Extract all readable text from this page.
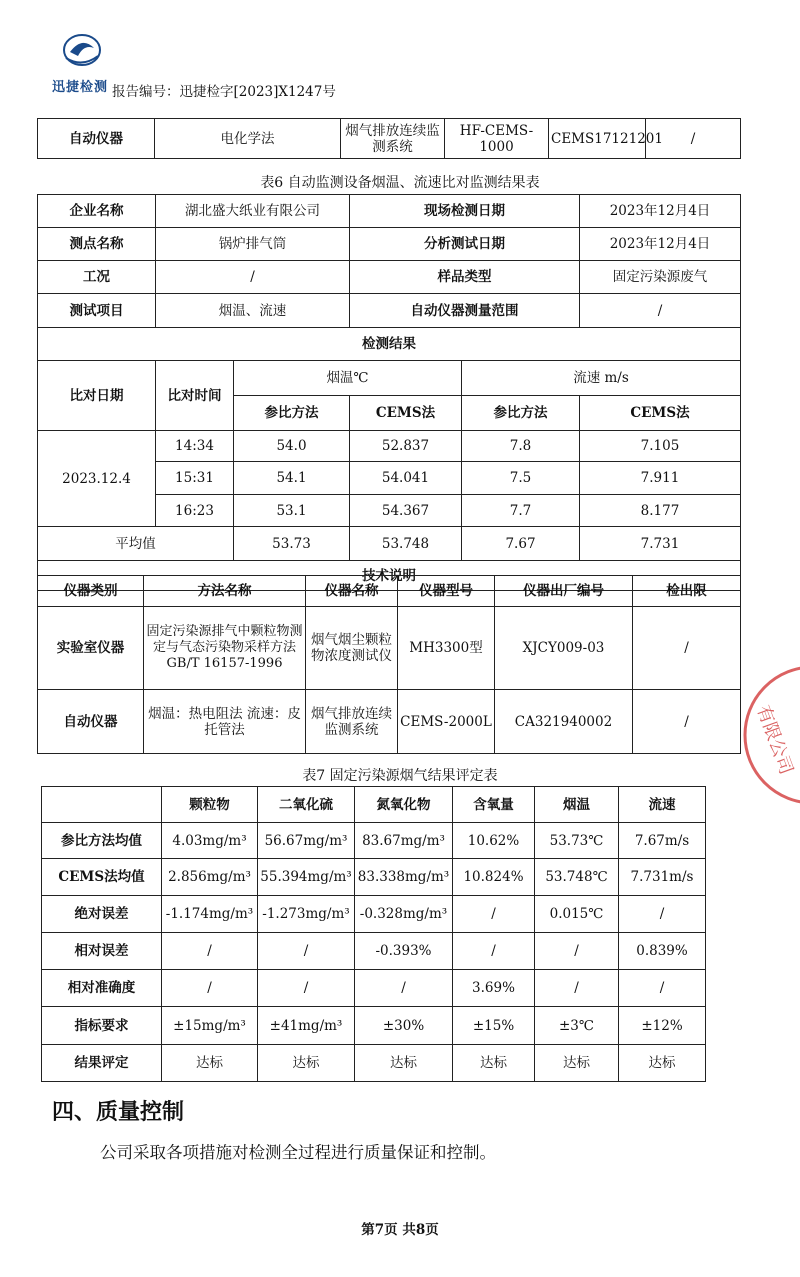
迅捷检测 报告编号：迅捷检字[2023]X1247号
自动仪器	电化学法	烟气排放连续监测系统	HF-CEMS-1000	CEMS17121201	/
表6 自动监测设备烟温、流速比对监测结果表
企业名称	湖北盛大纸业有限公司		现场检测日期		2023年12月4日
测点名称	锅炉排气筒		分析测试日期		2023年12月4日
工况	/		样品类型		固定污染源废气
测试项目	烟温、流速		自动仪器测量范围		/
检测结果					
比对日期	比对时间	烟温℃		流速 m/s	
		参比方法	CEMS法	参比方法	CEMS法
2023.12.4	14:34	54.0	52.837	7.8	7.105
	15:31	54.1	54.041	7.5	7.911
	16:23	53.1	54.367	7.7	8.177
平均值		53.73	53.748	7.67	7.731
技术说明					
仪器类别	方法名称	仪器名称	仪器型号	仪器出厂编号	检出限
实验室仪器	固定污染源排气中颗粒物测定与气态污染物采样方法 GB/T 16157-1996	烟气烟尘颗粒物浓度测试仪	MH3300型	XJCY009-03	/
自动仪器	烟温：热电阻法 流速：皮托管法	烟气排放连续监测系统	CEMS-2000L	CA321940002	/
表7 固定污染源烟气结果评定表
	颗粒物	二氧化硫	氮氧化物	含氧量	烟温	流速
参比方法均值	4.03mg/m³	56.67mg/m³	83.67mg/m³	10.62%	53.73℃	7.67m/s
CEMS法均值	2.856mg/m³	55.394mg/m³	83.338mg/m³	10.824%	53.748℃	7.731m/s
绝对误差	-1.174mg/m³	-1.273mg/m³	-0.328mg/m³	/	0.015℃	/
相对误差	/	/	-0.393%	/	/	0.839%
相对准确度	/	/	/	3.69%	/	/
指标要求	±15mg/m³	±41mg/m³	±30%	±15%	±3℃	±12%
结果评定	达标	达标	达标	达标	达标	达标
四、质量控制
公司采取各项措施对检测全过程进行质量保证和控制。
第7页 共8页
有限公司
